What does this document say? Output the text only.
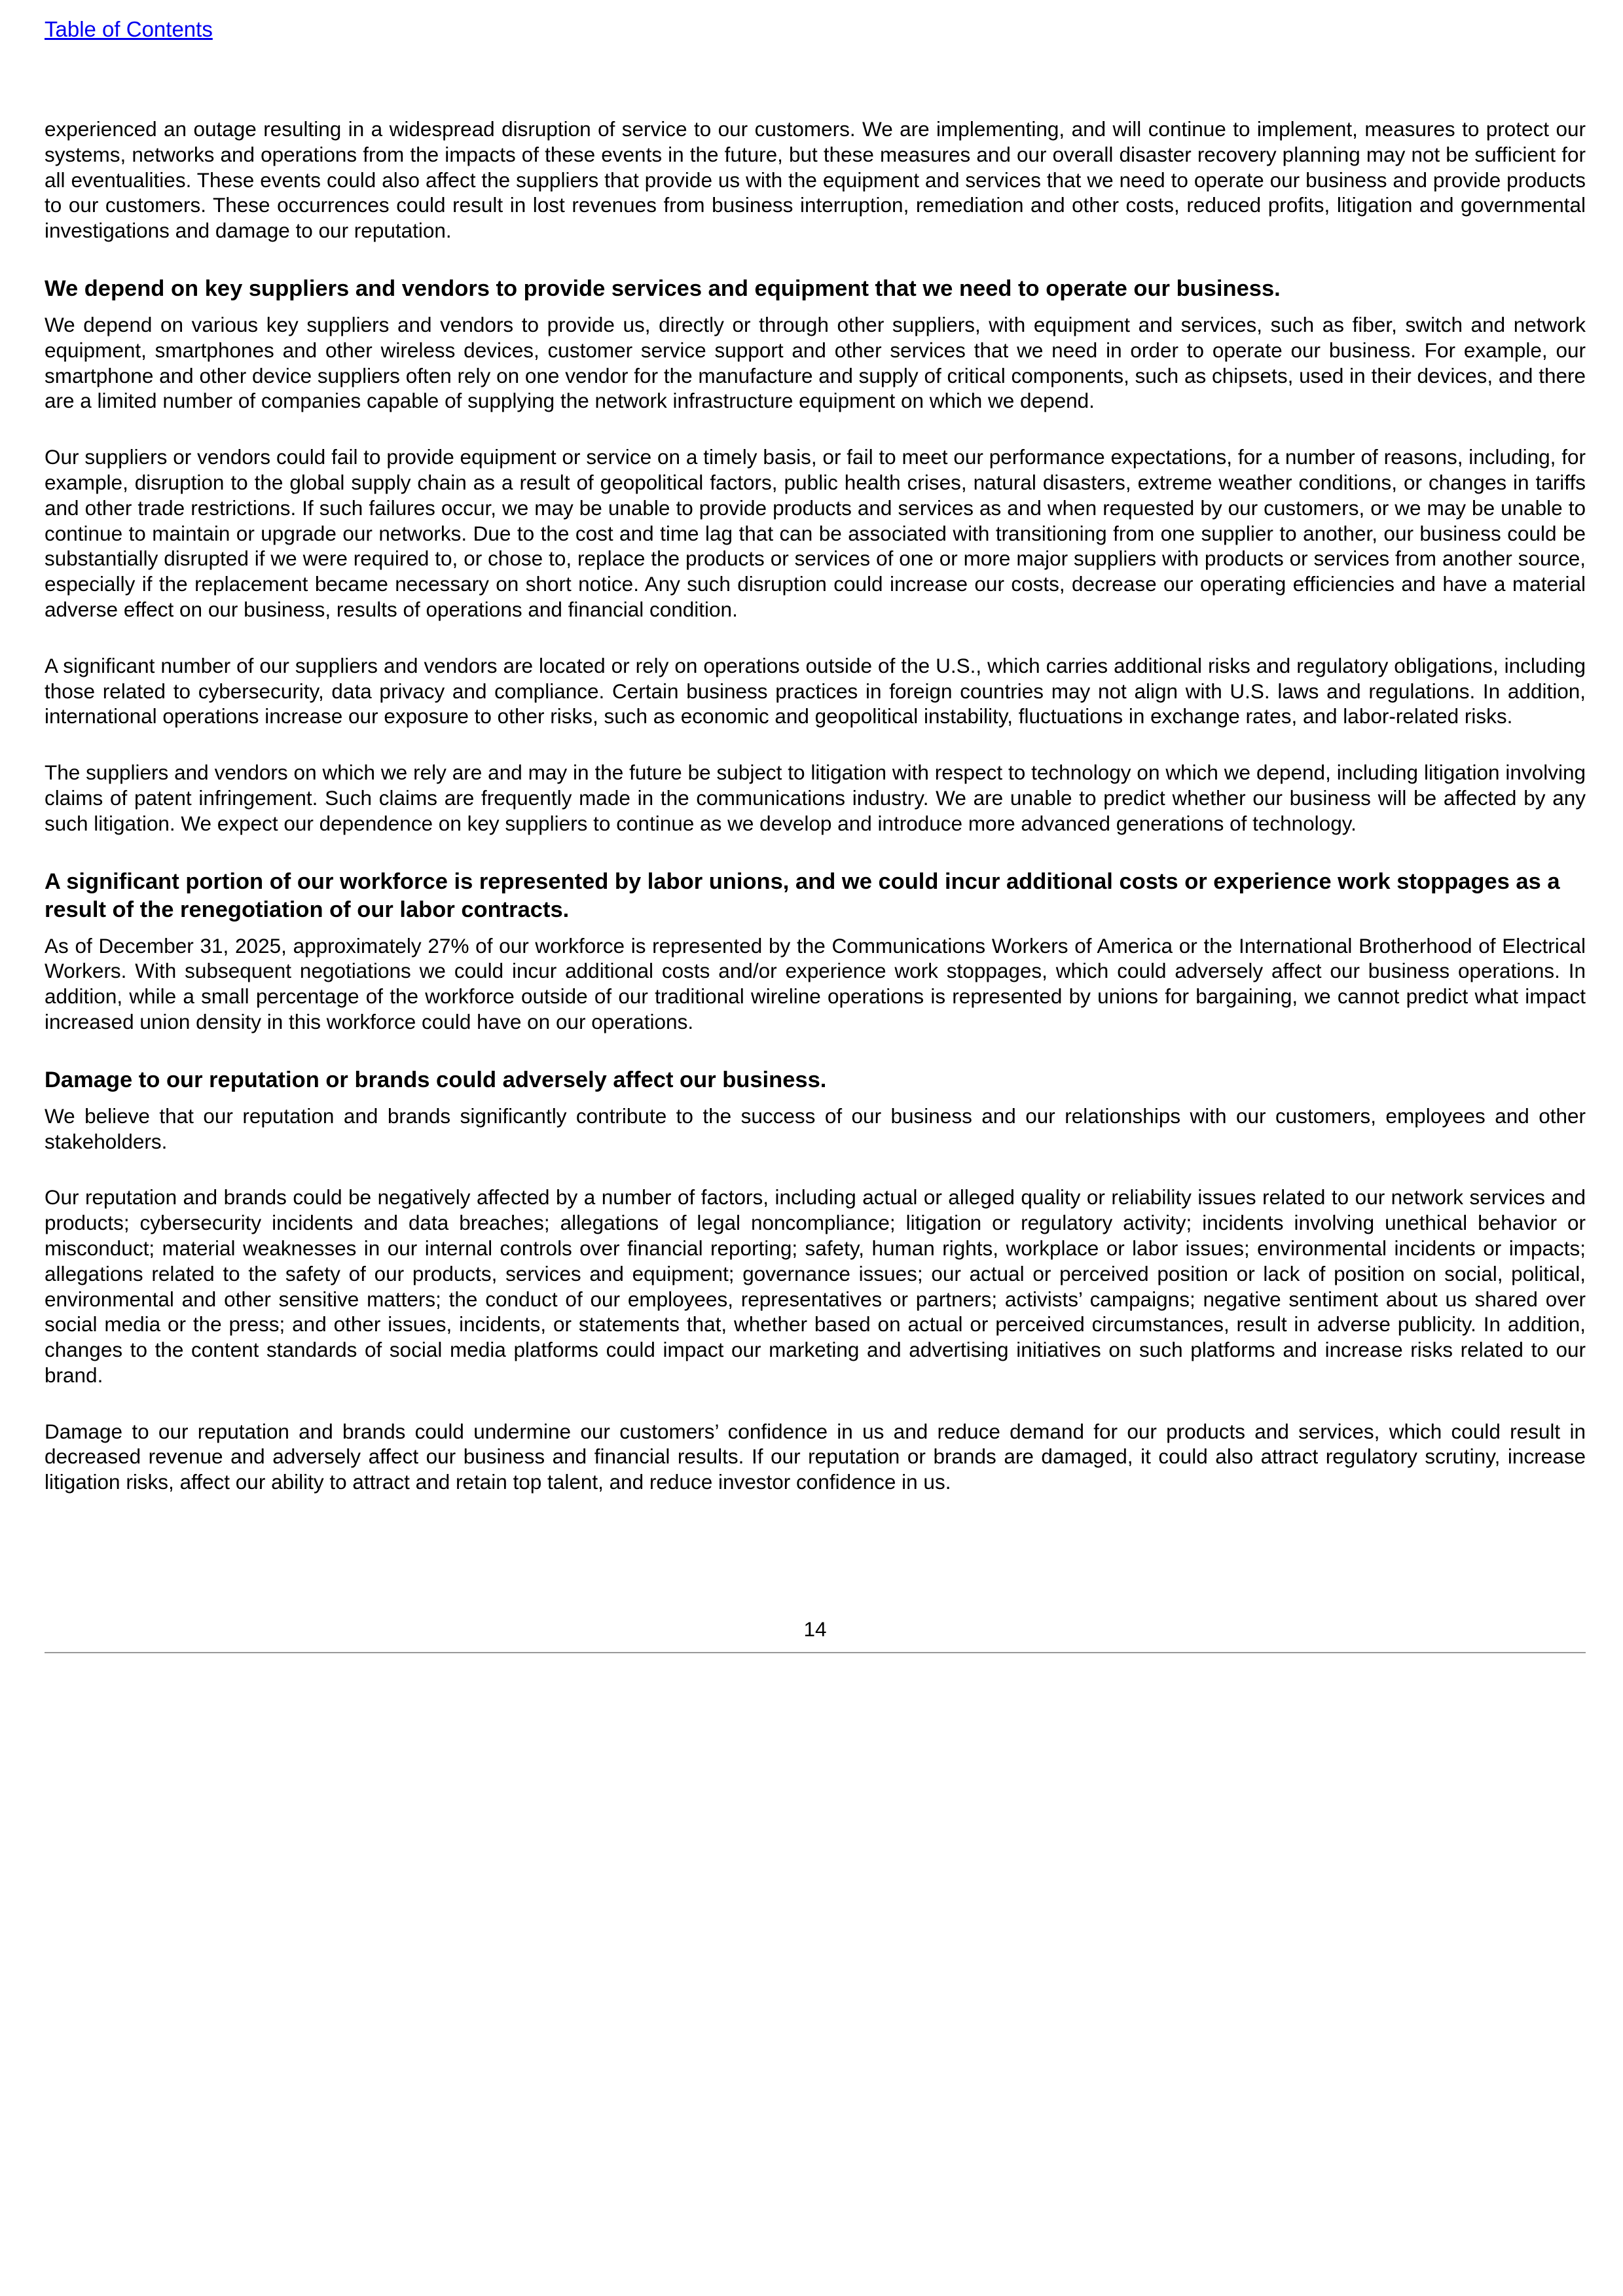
Table of Contents

experienced an outage resulting in a widespread disruption of service to our customers. We are implementing, and will continue to implement, measures to protect our systems, networks and operations from the impacts of these events in the future, but these measures and our overall disaster recovery planning may not be sufficient for all eventualities. These events could also affect the suppliers that provide us with the equipment and services that we need to operate our business and provide products to our customers. These occurrences could result in lost revenues from business interruption, remediation and other costs, reduced profits, litigation and governmental investigations and damage to our reputation.

We depend on key suppliers and vendors to provide services and equipment that we need to operate our business.

We depend on various key suppliers and vendors to provide us, directly or through other suppliers, with equipment and services, such as fiber, switch and network equipment, smartphones and other wireless devices, customer service support and other services that we need in order to operate our business. For example, our smartphone and other device suppliers often rely on one vendor for the manufacture and supply of critical components, such as chipsets, used in their devices, and there are a limited number of companies capable of supplying the network infrastructure equipment on which we depend.

Our suppliers or vendors could fail to provide equipment or service on a timely basis, or fail to meet our performance expectations, for a number of reasons, including, for example, disruption to the global supply chain as a result of geopolitical factors, public health crises, natural disasters, extreme weather conditions, or changes in tariffs and other trade restrictions. If such failures occur, we may be unable to provide products and services as and when requested by our customers, or we may be unable to continue to maintain or upgrade our networks. Due to the cost and time lag that can be associated with transitioning from one supplier to another, our business could be substantially disrupted if we were required to, or chose to, replace the products or services of one or more major suppliers with products or services from another source, especially if the replacement became necessary on short notice. Any such disruption could increase our costs, decrease our operating efficiencies and have a material adverse effect on our business, results of operations and financial condition.

A significant number of our suppliers and vendors are located or rely on operations outside of the U.S., which carries additional risks and regulatory obligations, including those related to cybersecurity, data privacy and compliance. Certain business practices in foreign countries may not align with U.S. laws and regulations. In addition, international operations increase our exposure to other risks, such as economic and geopolitical instability, fluctuations in exchange rates, and labor-related risks.

The suppliers and vendors on which we rely are and may in the future be subject to litigation with respect to technology on which we depend, including litigation involving claims of patent infringement. Such claims are frequently made in the communications industry. We are unable to predict whether our business will be affected by any such litigation. We expect our dependence on key suppliers to continue as we develop and introduce more advanced generations of technology.

A significant portion of our workforce is represented by labor unions, and we could incur additional costs or experience work stoppages as a result of the renegotiation of our labor contracts.

As of December 31, 2025, approximately 27% of our workforce is represented by the Communications Workers of America or the International Brotherhood of Electrical Workers. With subsequent negotiations we could incur additional costs and/or experience work stoppages, which could adversely affect our business operations. In addition, while a small percentage of the workforce outside of our traditional wireline operations is represented by unions for bargaining, we cannot predict what impact increased union density in this workforce could have on our operations.

Damage to our reputation or brands could adversely affect our business.

We believe that our reputation and brands significantly contribute to the success of our business and our relationships with our customers, employees and other stakeholders.

Our reputation and brands could be negatively affected by a number of factors, including actual or alleged quality or reliability issues related to our network services and products; cybersecurity incidents and data breaches; allegations of legal noncompliance; litigation or regulatory activity; incidents involving unethical behavior or misconduct; material weaknesses in our internal controls over financial reporting; safety, human rights, workplace or labor issues; environmental incidents or impacts; allegations related to the safety of our products, services and equipment; governance issues; our actual or perceived position or lack of position on social, political, environmental and other sensitive matters; the conduct of our employees, representatives or partners; activists’ campaigns; negative sentiment about us shared over social media or the press; and other issues, incidents, or statements that, whether based on actual or perceived circumstances, result in adverse publicity. In addition, changes to the content standards of social media platforms could impact our marketing and advertising initiatives on such platforms and increase risks related to our brand.

Damage to our reputation and brands could undermine our customers’ confidence in us and reduce demand for our products and services, which could result in decreased revenue and adversely affect our business and financial results. If our reputation or brands are damaged, it could also attract regulatory scrutiny, increase litigation risks, affect our ability to attract and retain top talent, and reduce investor confidence in us.

14
